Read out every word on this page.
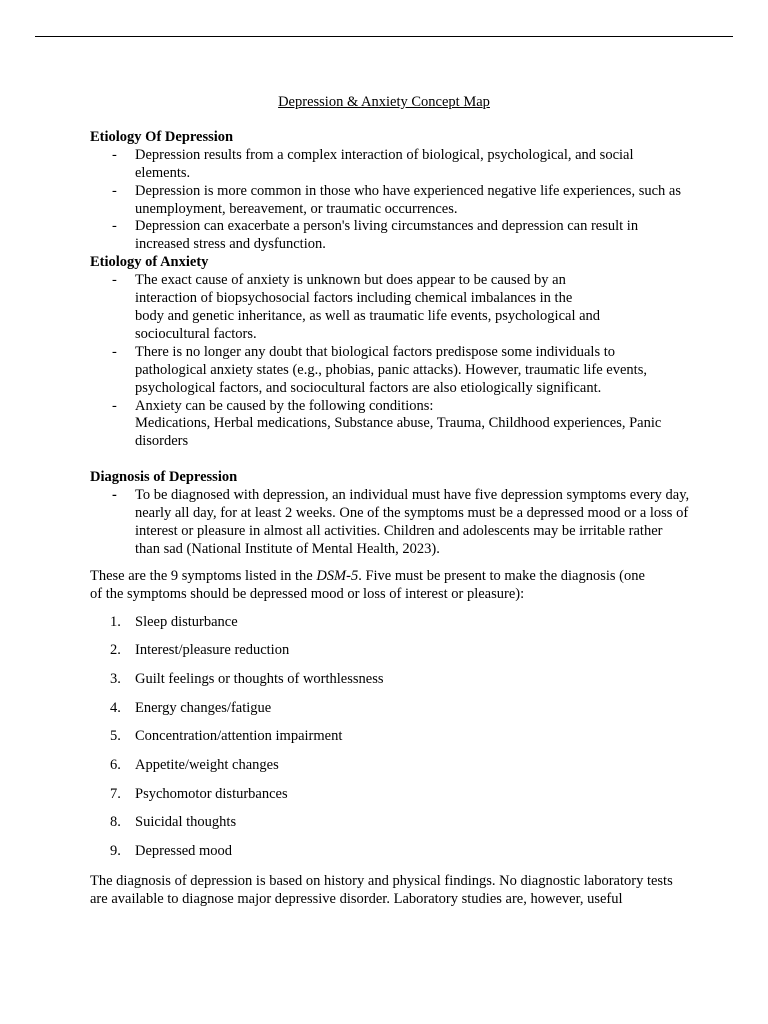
Depression & Anxiety Concept Map

Etiology Of Depression

- Depression results from a complex interaction of biological, psychological, and social elements.
- Depression is more common in those who have experienced negative life experiences, such as unemployment, bereavement, or traumatic occurrences.
- Depression can exacerbate a person's living circumstances and depression can result in increased stress and dysfunction.

Etiology of Anxiety

- The exact cause of anxiety is unknown but does appear to be caused by an
interaction of biopsychosocial factors including chemical imbalances in the
body and genetic inheritance, as well as traumatic life events, psychological and
sociocultural factors.
- There is no longer any doubt that biological factors predispose some individuals to pathological anxiety states (e.g., phobias, panic attacks). However, traumatic life events, psychological factors, and sociocultural factors are also etiologically significant.
- Anxiety can be caused by the following conditions:
Medications, Herbal medications, Substance abuse, Trauma, Childhood experiences, Panic disorders

Diagnosis of Depression

- To be diagnosed with depression, an individual must have five depression symptoms every day, nearly all day, for at least 2 weeks. One of the symptoms must be a depressed mood or a loss of interest or pleasure in almost all activities. Children and adolescents may be irritable rather than sad (National Institute of Mental Health, 2023).

These are the 9 symptoms listed in the DSM-5. Five must be present to make the diagnosis (one of the symptoms should be depressed mood or loss of interest or pleasure):

1. Sleep disturbance
2. Interest/pleasure reduction
3. Guilt feelings or thoughts of worthlessness
4. Energy changes/fatigue
5. Concentration/attention impairment
6. Appetite/weight changes
7. Psychomotor disturbances
8. Suicidal thoughts
9. Depressed mood

The diagnosis of depression is based on history and physical findings. No diagnostic laboratory tests are available to diagnose major depressive disorder. Laboratory studies are, however, useful
